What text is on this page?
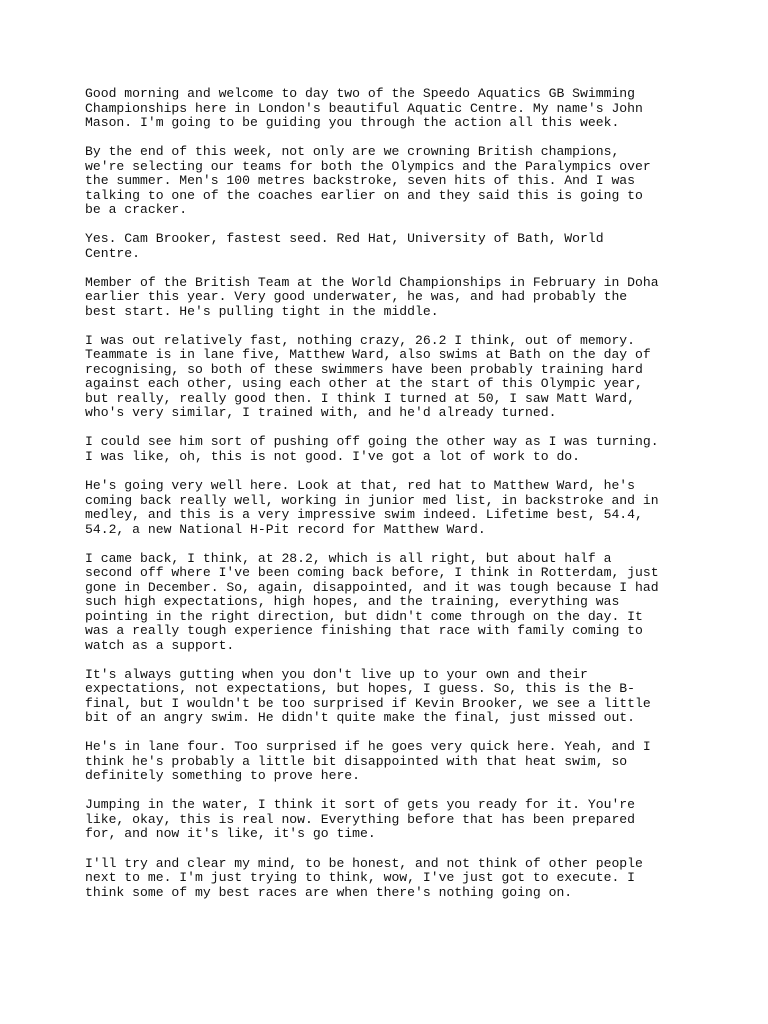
Good morning and welcome to day two of the Speedo Aquatics GB Swimming
Championships here in London's beautiful Aquatic Centre. My name's John
Mason. I'm going to be guiding you through the action all this week.

By the end of this week, not only are we crowning British champions,
we're selecting our teams for both the Olympics and the Paralympics over
the summer. Men's 100 metres backstroke, seven hits of this. And I was
talking to one of the coaches earlier on and they said this is going to
be a cracker.

Yes. Cam Brooker, fastest seed. Red Hat, University of Bath, World
Centre.

Member of the British Team at the World Championships in February in Doha
earlier this year. Very good underwater, he was, and had probably the
best start. He's pulling tight in the middle.

I was out relatively fast, nothing crazy, 26.2 I think, out of memory.
Teammate is in lane five, Matthew Ward, also swims at Bath on the day of
recognising, so both of these swimmers have been probably training hard
against each other, using each other at the start of this Olympic year,
but really, really good then. I think I turned at 50, I saw Matt Ward,
who's very similar, I trained with, and he'd already turned.

I could see him sort of pushing off going the other way as I was turning.
I was like, oh, this is not good. I've got a lot of work to do.

He's going very well here. Look at that, red hat to Matthew Ward, he's
coming back really well, working in junior med list, in backstroke and in
medley, and this is a very impressive swim indeed. Lifetime best, 54.4,
54.2, a new National H-Pit record for Matthew Ward.

I came back, I think, at 28.2, which is all right, but about half a
second off where I've been coming back before, I think in Rotterdam, just
gone in December. So, again, disappointed, and it was tough because I had
such high expectations, high hopes, and the training, everything was
pointing in the right direction, but didn't come through on the day. It
was a really tough experience finishing that race with family coming to
watch as a support.

It's always gutting when you don't live up to your own and their
expectations, not expectations, but hopes, I guess. So, this is the B-
final, but I wouldn't be too surprised if Kevin Brooker, we see a little
bit of an angry swim. He didn't quite make the final, just missed out.

He's in lane four. Too surprised if he goes very quick here. Yeah, and I
think he's probably a little bit disappointed with that heat swim, so
definitely something to prove here.

Jumping in the water, I think it sort of gets you ready for it. You're
like, okay, this is real now. Everything before that has been prepared
for, and now it's like, it's go time.

I'll try and clear my mind, to be honest, and not think of other people
next to me. I'm just trying to think, wow, I've just got to execute. I
think some of my best races are when there's nothing going on.
